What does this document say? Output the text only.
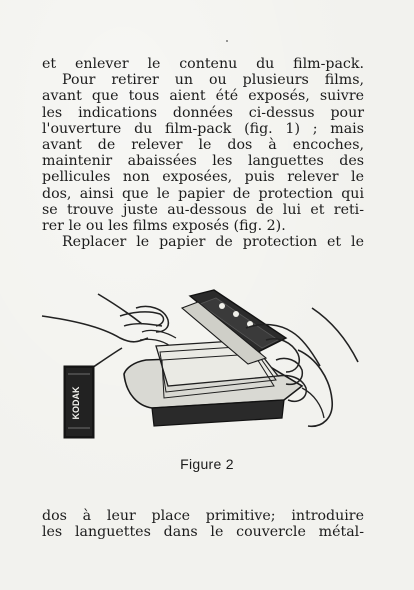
et enlever le contenu du film-pack.
Pour retirer un ou plusieurs films,
avant que tous aient été exposés, suivre
les indications données ci-dessus pour
l'ouverture du film-pack (fig. 1) ; mais
avant de relever le dos à encoches,
maintenir abaissées les languettes des
pellicules non exposées, puis relever le
dos, ainsi que le papier de protection qui
se trouve juste au-dessous de lui et reti-
rer le ou les films exposés (fig. 2).
Replacer le papier de protection et le
KODAK
Figure 2
dos à leur place primitive; introduire
les languettes dans le couvercle métal-
